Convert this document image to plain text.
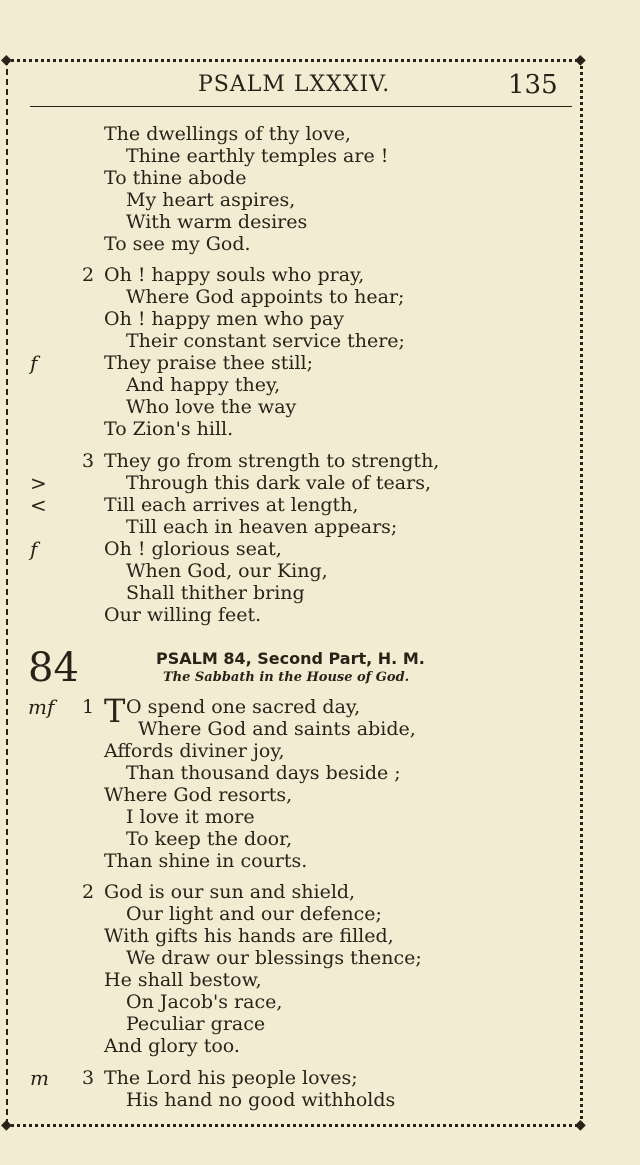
◆	◆
◆	◆
PSALM LXXXIV.	135
The dwellings of thy love,
Thine earthly temples are !
To thine abode
My heart aspires,
With warm desires
To see my God.
2 Oh ! happy souls who pray,
Where God appoints to hear;
Oh ! happy men who pay
Their constant service there;
f	They praise thee still;
And happy they,
Who love the way
To Zion's hill.
3 They go from strength to strength,
>	Through this dark vale of tears,
<	Till each arrives at length,
Till each in heaven appears;
f	Oh ! glorious seat,
When God, our King,
Shall thither bring
Our willing feet.
84	PSALM 84, Second Part, H. M.
The Sabbath in the House of God.
mf 1 T O spend one sacred day,
Where God and saints abide,
Affords diviner joy,
Than thousand days beside ;
Where God resorts,
I love it more
To keep the door,
Than shine in courts.
2 God is our sun and shield,
Our light and our defence;
With gifts his hands are filled,
We draw our blessings thence;
He shall bestow,
On Jacob's race,
Peculiar grace
And glory too.
m 3 The Lord his people loves;
His hand no good withholds
